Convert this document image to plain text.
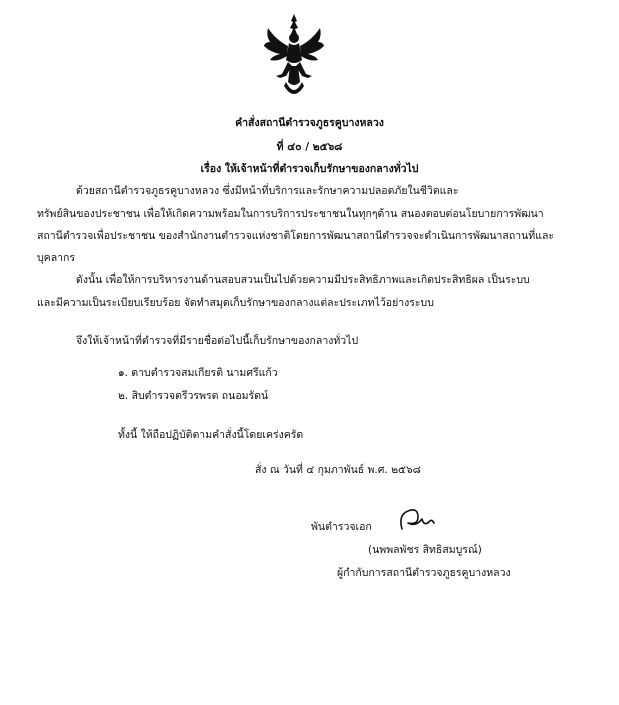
คำสั่งสถานีตำรวจภูธรคูบางหลวง
ที่ ๔๐ / ๒๕๖๘
เรื่อง ให้เจ้าหน้าที่ตำรวจเก็บรักษาของกลางทั่วไป
ด้วยสถานีตำรวจภูธรคูบางหลวง ซึ่งมีหน้าที่บริการและรักษาความปลอดภัยในชีวิตและ
ทรัพย์สินของประชาชน เพื่อให้เกิดความพร้อมในการบริการประชาชนในทุกๆด้าน สนองตอบต่อนโยบายการพัฒนา
สถานีตำรวจเพื่อประชาชน ของสำนักงานตำรวจแห่งชาติโดยการพัฒนาสถานีตำรวจจะดำเนินการพัฒนาสถานที่และ
บุคลากร
ดังนั้น เพื่อให้การบริหารงานด้านสอบสวนเป็นไปด้วยความมีประสิทธิภาพและเกิดประสิทธิผล เป็นระบบ
และมีความเป็นระเบียบเรียบร้อย จัดทำสมุดเก็บรักษาของกลางแต่ละประเภทไว้อย่างระบบ
จึงให้เจ้าหน้าที่ตำรวจที่มีรายชื่อต่อไปนี้เก็บรักษาของกลางทั่วไป
๑. ดาบตำรวจสมเกียรติ นามศรีแก้ว
๒. สิบตำรวจตรีวรพรต ถนอมรัตน์
ทั้งนี้ ให้ถือปฏิบัติตามคำสั่งนี้โดยเคร่งครัด
สั่ง ณ วันที่ ๔ กุมภาพันธ์ พ.ศ. ๒๕๖๘
พันตำรวจเอก
(นพพลพัชร สิทธิสมบูรณ์)
ผู้กำกับการสถานีตำรวจภูธรคูบางหลวง
